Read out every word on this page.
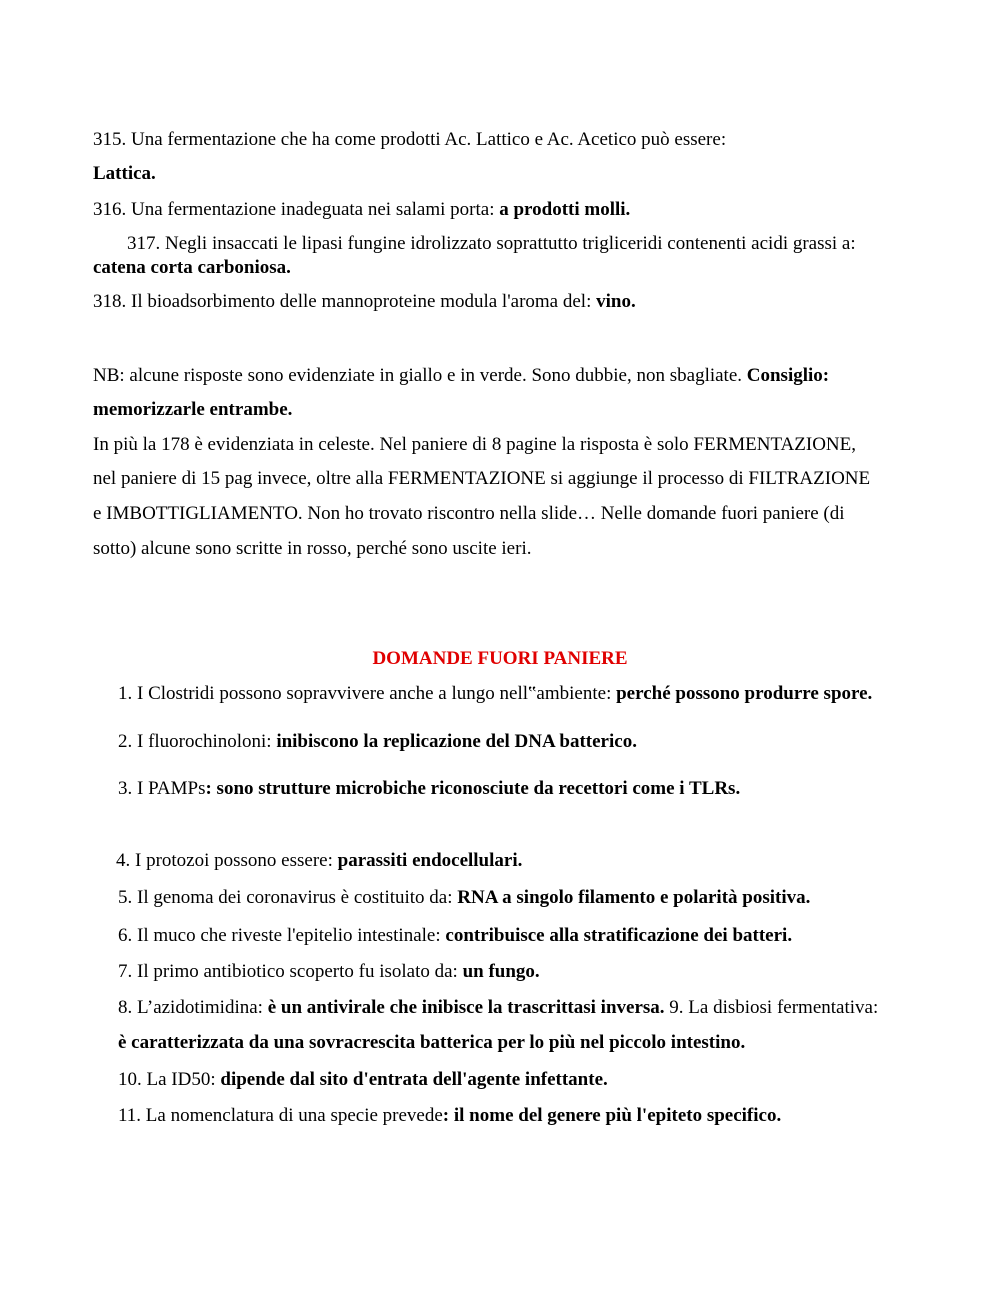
315. Una fermentazione che ha come prodotti Ac. Lattico e Ac. Acetico può essere:
Lattica.
316. Una fermentazione inadeguata nei salami porta: a prodotti molli.
317. Negli insaccati le lipasi fungine idrolizzato soprattutto trigliceridi contenenti acidi grassi a:
catena corta carboniosa.
318. Il bioadsorbimento delle mannoproteine modula l'aroma del: vino.
NB: alcune risposte sono evidenziate in giallo e in verde. Sono dubbie, non sbagliate. Consiglio:
memorizzarle entrambe.
In più la 178 è evidenziata in celeste. Nel paniere di 8 pagine la risposta è solo FERMENTAZIONE,
nel paniere di 15 pag invece, oltre alla FERMENTAZIONE si aggiunge il processo di FILTRAZIONE
e IMBOTTIGLIAMENTO. Non ho trovato riscontro nella slide… Nelle domande fuori paniere (di
sotto) alcune sono scritte in rosso, perché sono uscite ieri.
DOMANDE FUORI PANIERE
1. I Clostridi possono sopravvivere anche a lungo nell‟ambiente: perché possono produrre spore.
2. I fluorochinoloni: inibiscono la replicazione del DNA batterico.
3. I PAMPs: sono strutture microbiche riconosciute da recettori come i TLRs.
4. I protozoi possono essere: parassiti endocellulari.
5. Il genoma dei coronavirus è costituito da: RNA a singolo filamento e polarità positiva.
6. Il muco che riveste l'epitelio intestinale: contribuisce alla stratificazione dei batteri.
7. Il primo antibiotico scoperto fu isolato da: un fungo.
8. L’azidotimidina: è un antivirale che inibisce la trascrittasi inversa. 9. La disbiosi fermentativa:
è caratterizzata da una sovracrescita batterica per lo più nel piccolo intestino.
10. La ID50: dipende dal sito d'entrata dell'agente infettante.
11. La nomenclatura di una specie prevede: il nome del genere più l'epiteto specifico.
